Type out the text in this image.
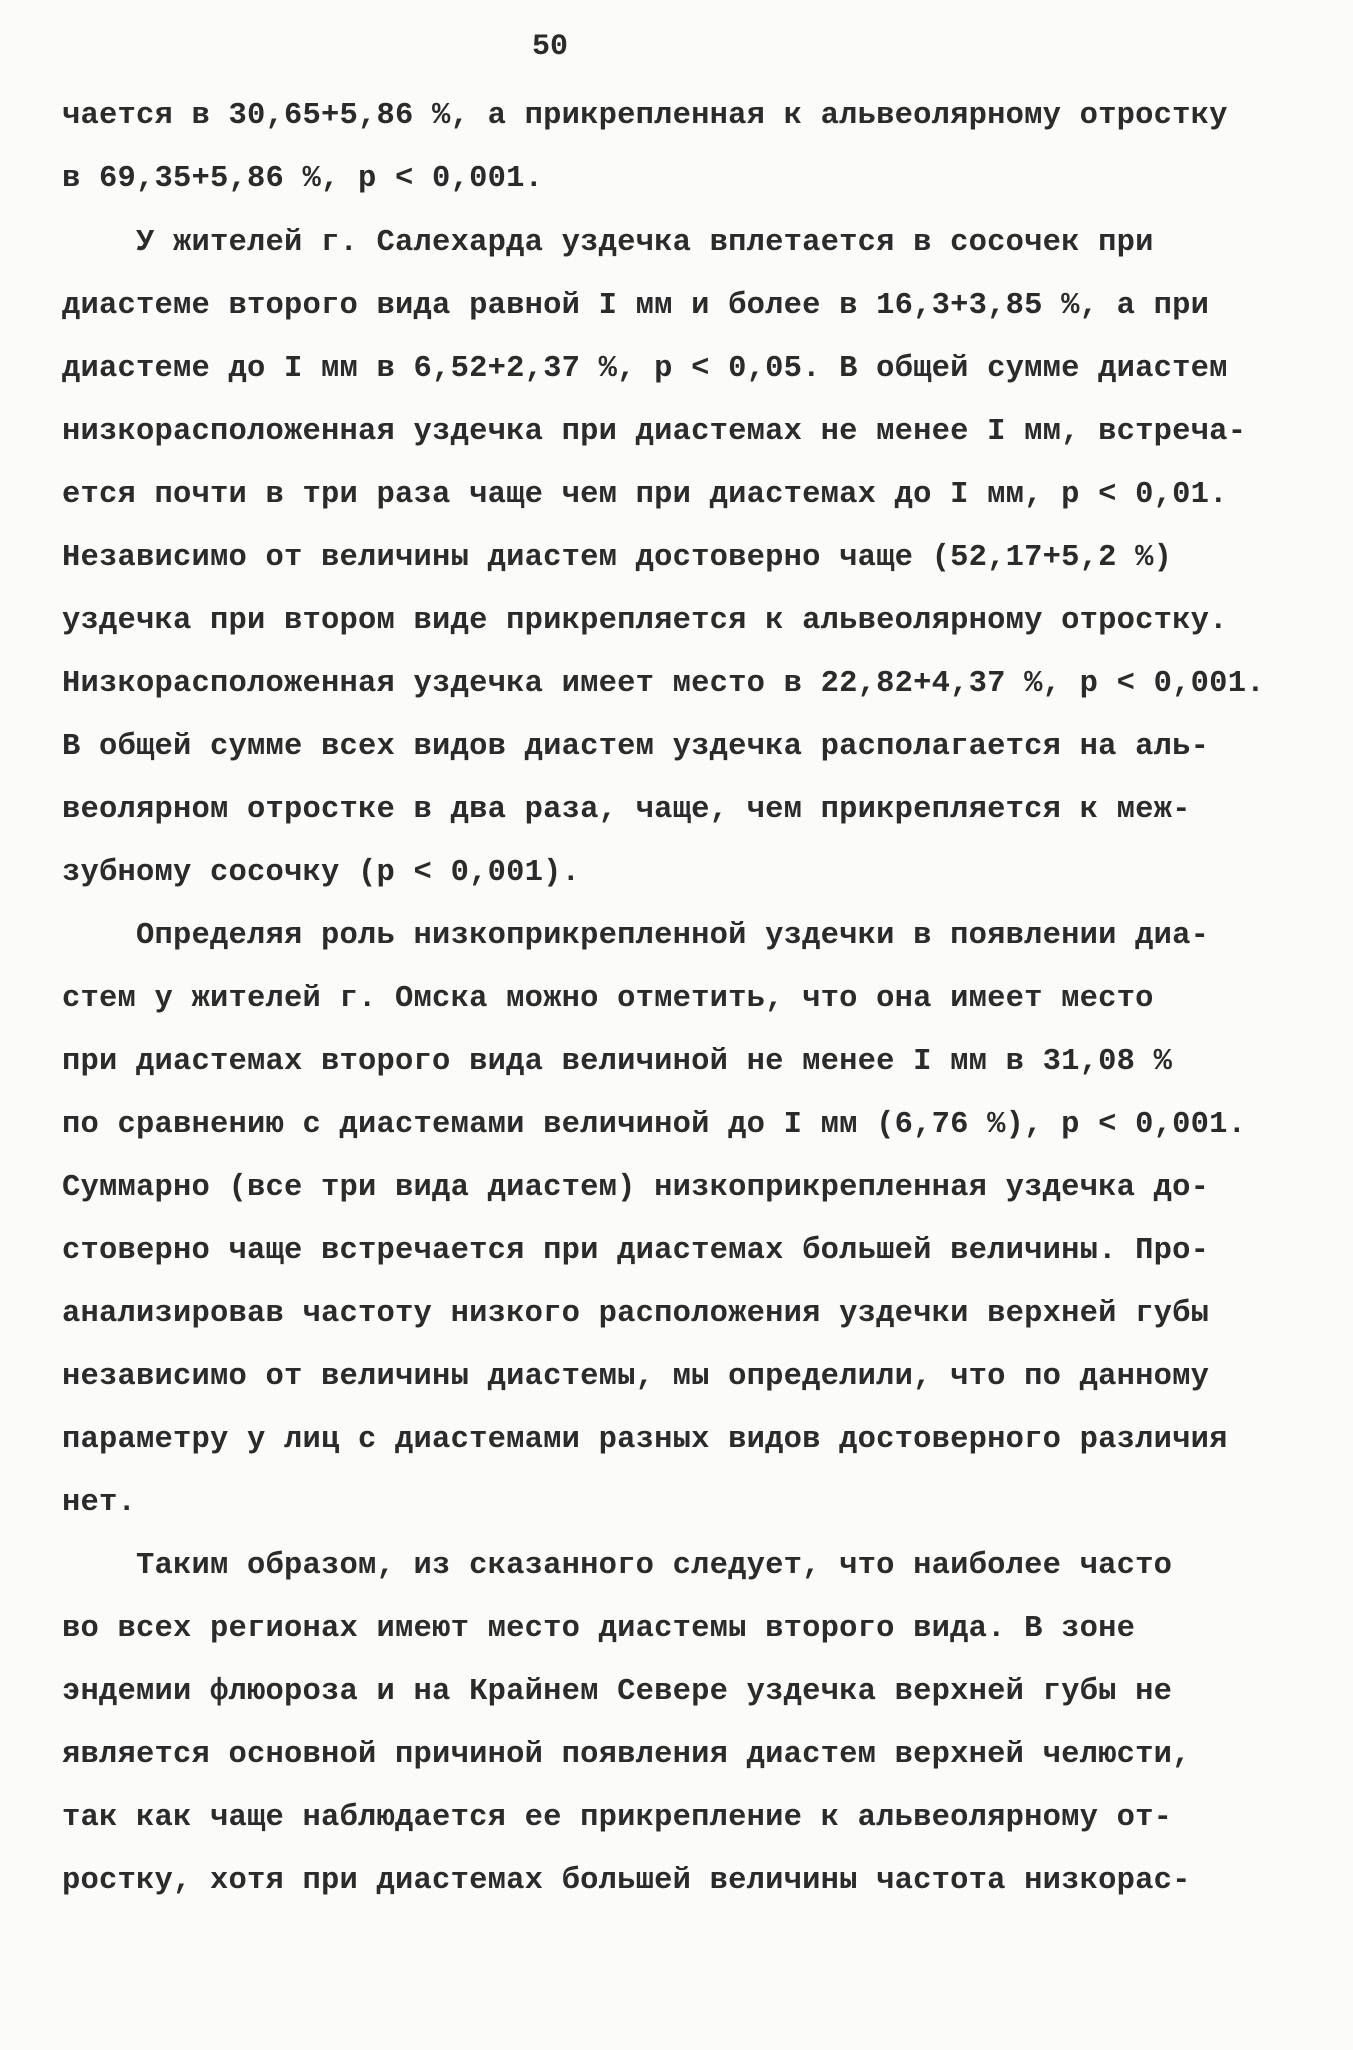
50
чается в 30,65+5,86 %, а прикрепленная к альвеолярному отростку
в 69,35+5,86 %, р < 0,001.
У жителей г. Салехарда уздечка вплетается в сосочек при
диастеме второго вида равной I мм и более в 16,3+3,85 %, а при
диастеме до I мм в 6,52+2,37 %, р < 0,05. В общей сумме диастем
низкорасположенная уздечка при диастемах не менее I мм, встреча-
ется почти в три раза чаще чем при диастемах до I мм, р < 0,01.
Независимо от величины диастем достоверно чаще (52,17+5,2 %)
уздечка при втором виде прикрепляется к альвеолярному отростку.
Низкорасположенная уздечка имеет место в 22,82+4,37 %, р < 0,001.
В общей сумме всех видов диастем уздечка располагается на аль-
веолярном отростке в два раза, чаще, чем прикрепляется к меж-
зубному сосочку (р < 0,001).
Определяя роль низкоприкрепленной уздечки в появлении диа-
стем у жителей г. Омска можно отметить, что она имеет место
при диастемах второго вида величиной не менее I мм в 31,08 %
по сравнению с диастемами величиной до I мм (6,76 %), р < 0,001.
Суммарно (все три вида диастем) низкоприкрепленная уздечка до-
стоверно чаще встречается при диастемах большей величины. Про-
анализировав частоту низкого расположения уздечки верхней губы
независимо от величины диастемы, мы определили, что по данному
параметру у лиц с диастемами разных видов достоверного различия
нет.
Таким образом, из сказанного следует, что наиболее часто
во всех регионах имеют место диастемы второго вида. В зоне
эндемии флюороза и на Крайнем Севере уздечка верхней губы не
является основной причиной появления диастем верхней челюсти,
так как чаще наблюдается ее прикрепление к альвеолярному от-
ростку, хотя при диастемах большей величины частота низкорас-
